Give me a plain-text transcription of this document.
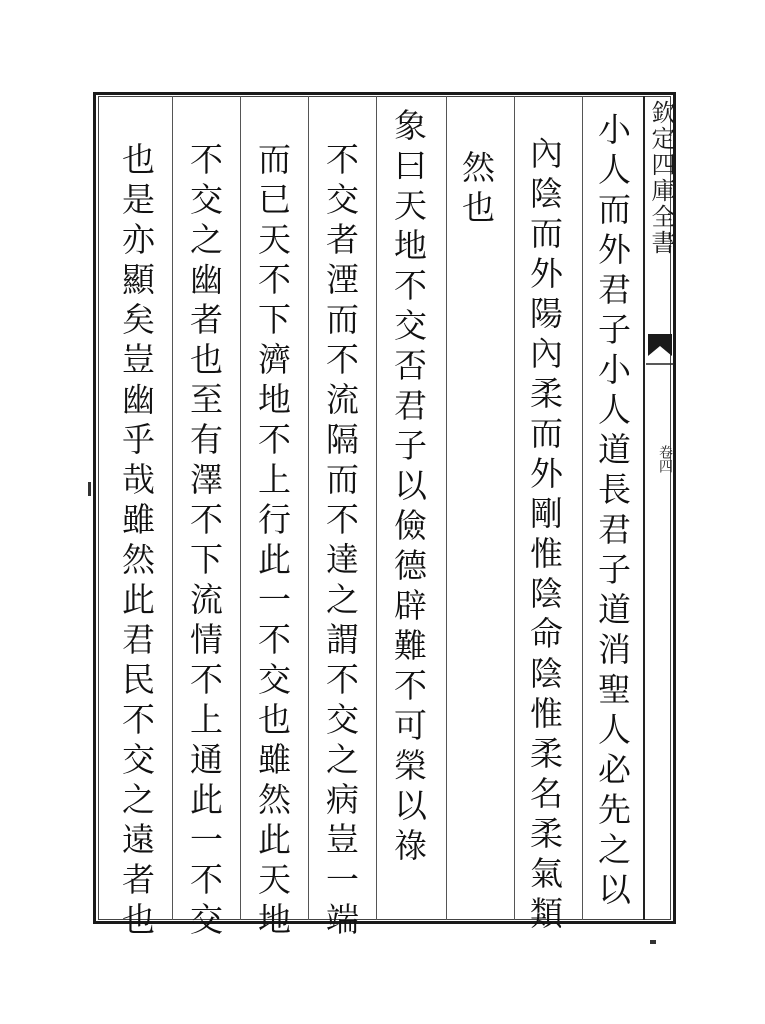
欽定四庫全書
卷四
小人而外君子小人道長君子道消聖人必先之以
內陰而外陽內柔而外剛惟陰命陰惟柔名柔氣類
然也
象曰天地不交否君子以儉德辟難不可榮以祿
不交者湮而不流隔而不達之謂不交之病豈一端
而已天不下濟地不上行此一不交也雖然此天地
不交之幽者也至有澤不下流情不上通此一不交
也是亦顯矣豈幽乎哉雖然此君民不交之遠者也
